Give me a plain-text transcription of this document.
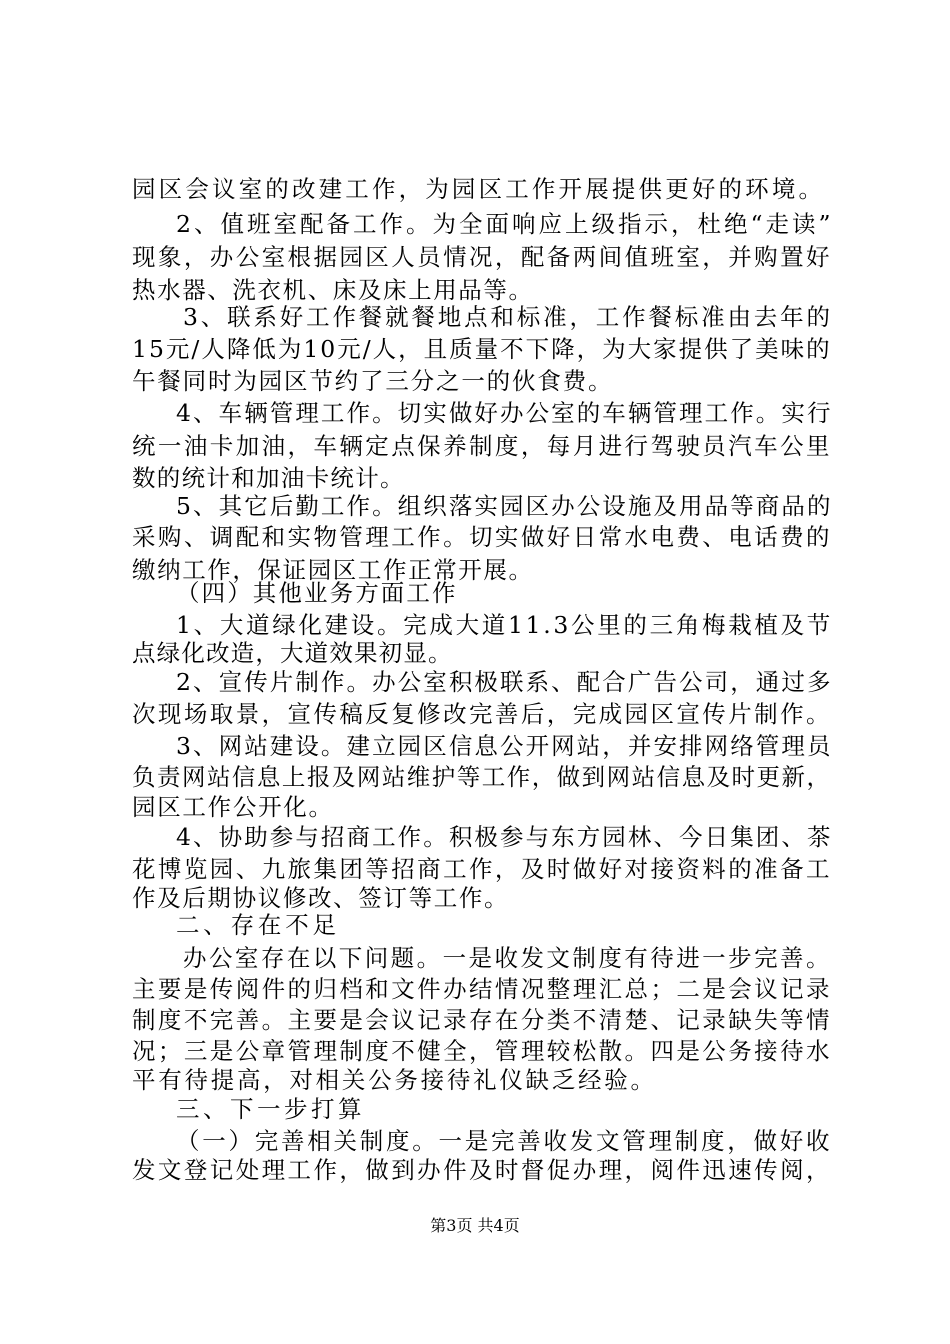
园区会议室的改建工作，为园区工作开展提供更好的环境。
2、值班室配备工作。为全面响应上级指示，杜绝“走读”
现象，办公室根据园区人员情况，配备两间值班室，并购置好
热水器、洗衣机、床及床上用品等。
3、联系好工作餐就餐地点和标准，工作餐标准由去年的
15元/人降低为10元/人，且质量不下降，为大家提供了美味的
午餐同时为园区节约了三分之一的伙食费。
4、车辆管理工作。切实做好办公室的车辆管理工作。实行
统一油卡加油，车辆定点保养制度，每月进行驾驶员汽车公里
数的统计和加油卡统计。
5、其它后勤工作。组织落实园区办公设施及用品等商品的
采购、调配和实物管理工作。切实做好日常水电费、电话费的
缴纳工作，保证园区工作正常开展。
（四）其他业务方面工作
1、大道绿化建设。完成大道11.3公里的三角梅栽植及节
点绿化改造，大道效果初显。
2、宣传片制作。办公室积极联系、配合广告公司，通过多
次现场取景，宣传稿反复修改完善后，完成园区宣传片制作。
3、网站建设。建立园区信息公开网站，并安排网络管理员
负责网站信息上报及网站维护等工作，做到网站信息及时更新，
园区工作公开化。
4、协助参与招商工作。积极参与东方园林、今日集团、茶
花博览园、九旅集团等招商工作，及时做好对接资料的准备工
作及后期协议修改、签订等工作。
二、存在不足
办公室存在以下问题。一是收发文制度有待进一步完善。
主要是传阅件的归档和文件办结情况整理汇总；二是会议记录
制度不完善。主要是会议记录存在分类不清楚、记录缺失等情
况；三是公章管理制度不健全，管理较松散。四是公务接待水
平有待提高，对相关公务接待礼仪缺乏经验。
三、下一步打算
（一）完善相关制度。一是完善收发文管理制度，做好收
发文登记处理工作，做到办件及时督促办理，阅件迅速传阅，
第3页 共4页
